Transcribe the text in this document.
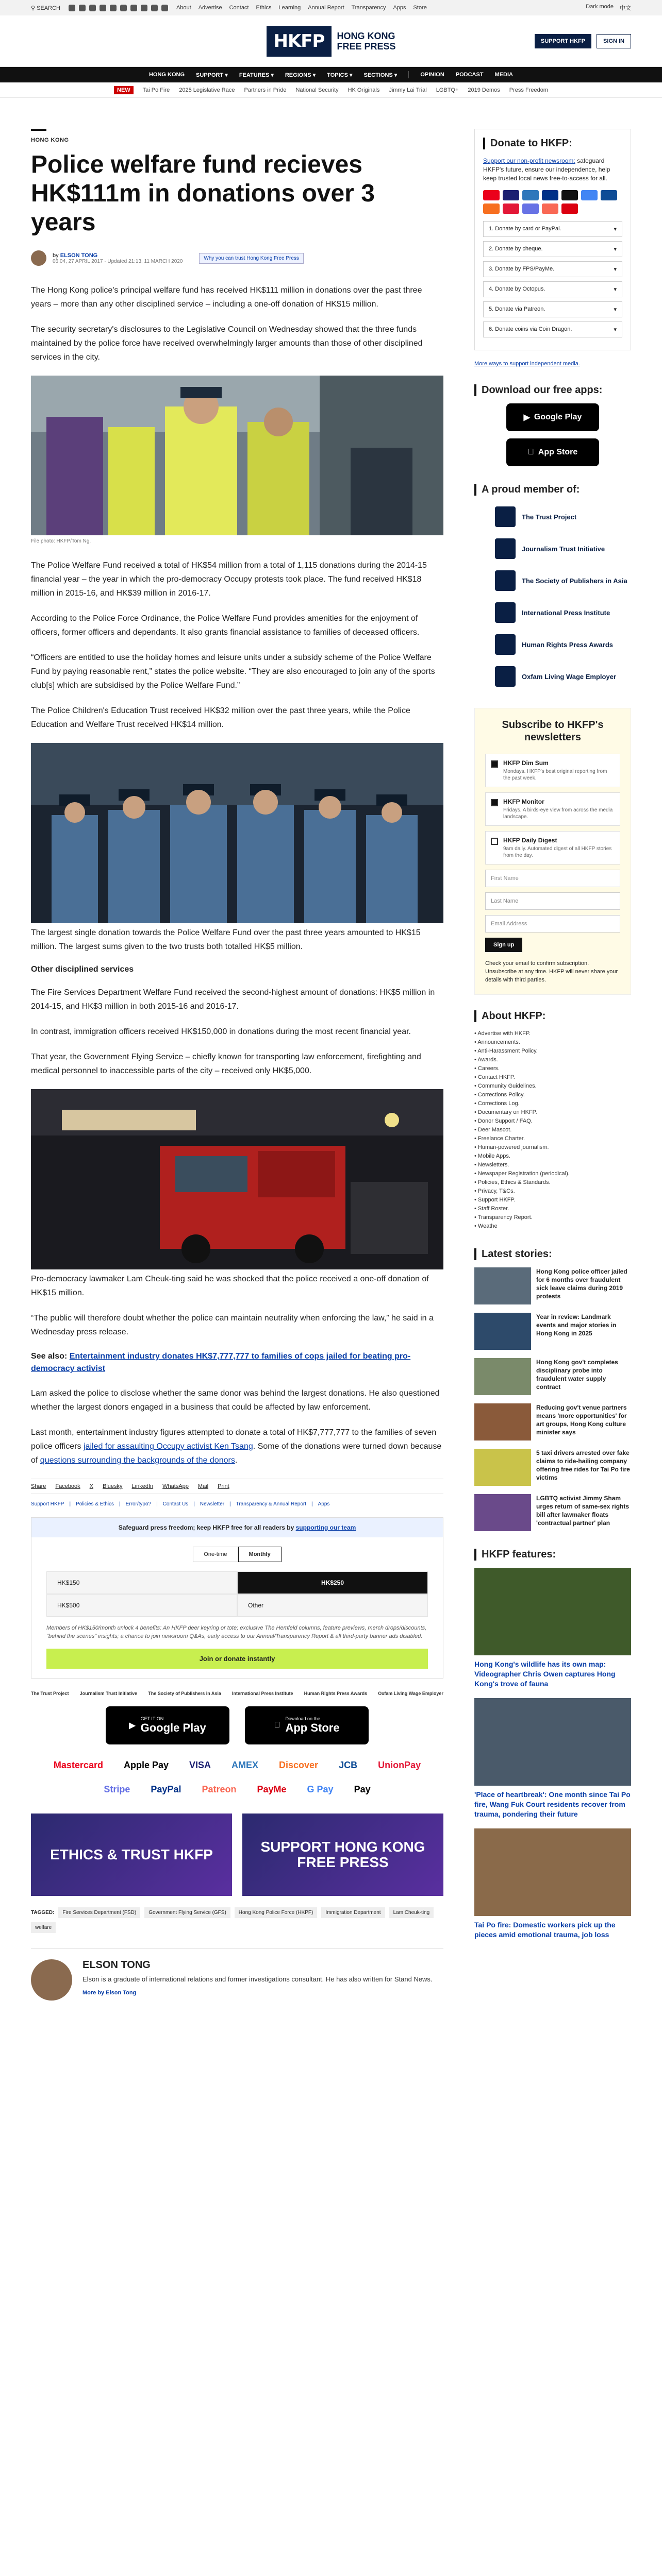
⚲ SEARCH	About Advertise Contact Ethics Learning Annual Report Transparency Apps Store	Dark mode 中文
HKFP	HONG KONG
FREE PRESS	SUPPORT HKFP	SIGN IN
HONG KONG SUPPORT ▾ FEATURES ▾ REGIONS ▾ TOPICS ▾ SECTIONS ▾	OPINION PODCAST MEDIA
NEW	Tai Po Fire 2025 Legislative Race Partners in Pride National Security HK Originals Jimmy Lai Trial LGBTQ+ 2019 Demos Press Freedom
HONG KONG
Police welfare fund recieves HK$111m in donations over 3 years
by ELSON TONG
06:04, 27 APRIL 2017 · Updated 21:13, 11 MARCH 2020
Why you can trust Hong Kong Free Press

The Hong Kong police's principal welfare fund has received HK$111 million in donations over the past three years – more than any other disciplined service – including a one-off donation of HK$15 million.

The security secretary's disclosures to the Legislative Council on Wednesday showed that the three funds maintained by the police force have received overwhelmingly larger amounts than those of other disciplined services in the city.

File photo: HKFP/Tom Ng.

The Police Welfare Fund received a total of HK$54 million from a total of 1,115 donations during the 2014-15 financial year – the year in which the pro-democracy Occupy protests took place. The fund received HK$18 million in 2015-16, and HK$39 million in 2016-17.

According to the Police Force Ordinance, the Police Welfare Fund provides amenities for the enjoyment of officers, former officers and dependants. It also grants financial assistance to families of deceased officers.

“Officers are entitled to use the holiday homes and leisure units under a subsidy scheme of the Police Welfare Fund by paying reasonable rent,” states the police website. “They are also encouraged to join any of the sports club[s] which are subsidised by the Police Welfare Fund.”

The Police Children's Education Trust received HK$32 million over the past three years, while the Police Education and Welfare Trust received HK$14 million.

The largest single donation towards the Police Welfare Fund over the past three years amounted to HK$15 million. The largest sums given to the two trusts both totalled HK$5 million.

Other disciplined services

The Fire Services Department Welfare Fund received the second-highest amount of donations: HK$5 million in 2014-15, and HK$3 million in both 2015-16 and 2016-17.

In contrast, immigration officers received HK$150,000 in donations during the most recent financial year.

That year, the Government Flying Service – chiefly known for transporting law enforcement, firefighting and medical personnel to inaccessible parts of the city – received only HK$5,000.

Pro-democracy lawmaker Lam Cheuk-ting said he was shocked that the police received a one-off donation of HK$15 million.

“The public will therefore doubt whether the police can maintain neutrality when enforcing the law,” he said in a Wednesday press release.

See also: Entertainment industry donates HK$7,777,777 to families of cops jailed for beating pro-democracy activist

Lam asked the police to disclose whether the same donor was behind the largest donations. He also questioned whether the largest donors engaged in a business that could be affected by law enforcement.

Last month, entertainment industry figures attempted to donate a total of HK$7,777,777 to the families of seven police officers jailed for assaulting Occupy activist Ken Tsang. Some of the donations were turned down because of questions surrounding the backgrounds of the donors.

Share Facebook X Bluesky LinkedIn WhatsApp Mail Print
Support HKFP | Policies & Ethics | Error/typo? | Contact Us | Newsletter | Transparency & Annual Report | Apps
Safeguard press freedom; keep HKFP free for all readers by supporting our team
One-time	Monthly
HK$150	HK$250
HK$500	Other
Members of HK$150/month unlock 4 benefits: An HKFP deer keyring or tote; exclusive The Hemfeld columns, feature previews, merch drops/discounts, "behind the scenes" insights; a chance to join newsroom Q&As, early access to our Annual/Transparency Report & all third-party banner ads disabled.
Join or donate instantly
The Trust Project Journalism Trust Initiative The Society of Publishers in Asia International Press Institute Human Rights Press Awards Oxfam Living Wage Employer
▶
GET IT ON
Google Play
Download on the
App Store
Mastercard	Apple Pay	VISA	AMEX	Discover	JCB	UnionPay
Stripe	PayPal	Patreon	PayMe	G Pay	Pay
ETHICS & TRUST HKFP	SUPPORT HONG KONG FREE PRESS
TAGGED:	Fire Services Department (FSD)	Government Flying Service (GFS)	Hong Kong Police Force (HKPF)	Immigration Department	Lam Cheuk-ting
welfare
ELSON TONG

Elson is a graduate of international relations and former investigations consultant. He has also written for Stand News.

More by Elson Tong
Donate to HKFP:

Support our non-profit newsroom: safeguard HKFP's future, ensure our independence, help keep trusted local news free-to-access for all.

1. Donate by card or PayPal.	▾
2. Donate by cheque.	▾
3. Donate by FPS/PayMe.	▾
4. Donate by Octopus.	▾
5. Donate via Patreon.	▾
6. Donate coins via Coin Dragon.	▾
More ways to support independent media.
Download our free apps:
▶ Google Play
App Store
A proud member of:
The Trust Project
Journalism Trust Initiative
The Society of Publishers in Asia
International Press Institute
Human Rights Press Awards
Oxfam Living Wage Employer
Subscribe to HKFP's newsletters
HKFP Dim Sum
Mondays. HKFP's best original reporting from the past week.
HKFP Monitor
Fridays. A birds-eye view from across the media landscape.
HKFP Daily Digest
9am daily. Automated digest of all HKFP stories from the day.
First Name
Last Name
Email Address
Sign up
Check your email to confirm subscription. Unsubscribe at any time. HKFP will never share your details with third parties.
About HKFP:
• Advertise with HKFP.
• Announcements.
• Anti-Harassment Policy.
• Awards.
• Careers.
• Contact HKFP.
• Community Guidelines.
• Corrections Policy.
• Corrections Log.
• Documentary on HKFP.
• Donor Support / FAQ.
• Deer Mascot.
• Freelance Charter.
• Human-powered journalism.
• Mobile Apps.
• Newsletters.
• Newspaper Registration (periodical).
• Policies, Ethics & Standards.
• Privacy, T&Cs.
• Support HKFP.
• Staff Roster.
• Transparency Report.
• Weathe
Latest stories:

Hong Kong police officer jailed for 6 months over fraudulent sick leave claims during 2019 protests

Year in review: Landmark events and major stories in Hong Kong in 2025

Hong Kong gov't completes disciplinary probe into fraudulent water supply contract

Reducing gov't venue partners means 'more opportunities' for art groups, Hong Kong culture minister says

5 taxi drivers arrested over fake claims to ride-hailing company offering free rides for Tai Po fire victims

LGBTQ activist Jimmy Sham urges return of same-sex rights bill after lawmaker floats 'contractual partner' plan

HKFP features:

Hong Kong's wildlife has its own map: Videographer Chris Owen captures Hong Kong's trove of fauna

'Place of heartbreak': One month since Tai Po fire, Wang Fuk Court residents recover from trauma, pondering their future

Tai Po fire: Domestic workers pick up the pieces amid emotional trauma, job loss
